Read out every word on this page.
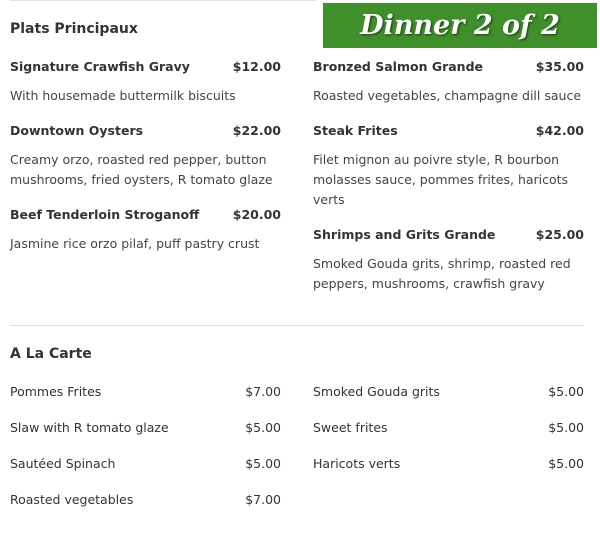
Dinner 2 of 2
Plats Principaux
Signature Crawfish Gravy	$12.00
With housemade buttermilk biscuits
Downtown Oysters	$22.00
Creamy orzo, roasted red pepper, button mushrooms, fried oysters, R tomato glaze
Beef Tenderloin Stroganoff	$20.00
Jasmine rice orzo pilaf, puff pastry crust
Bronzed Salmon Grande	$35.00
Roasted vegetables, champagne dill sauce
Steak Frites	$42.00
Filet mignon au poivre style, R bourbon molasses sauce, pommes frites, haricots verts
Shrimps and Grits Grande	$25.00
Smoked Gouda grits, shrimp, roasted red peppers, mushrooms, crawfish gravy
A La Carte
Pommes Frites	$7.00
Slaw with R tomato glaze	$5.00
Sautéed Spinach	$5.00
Roasted vegetables	$7.00
Smoked Gouda grits	$5.00
Sweet frites	$5.00
Haricots verts	$5.00
